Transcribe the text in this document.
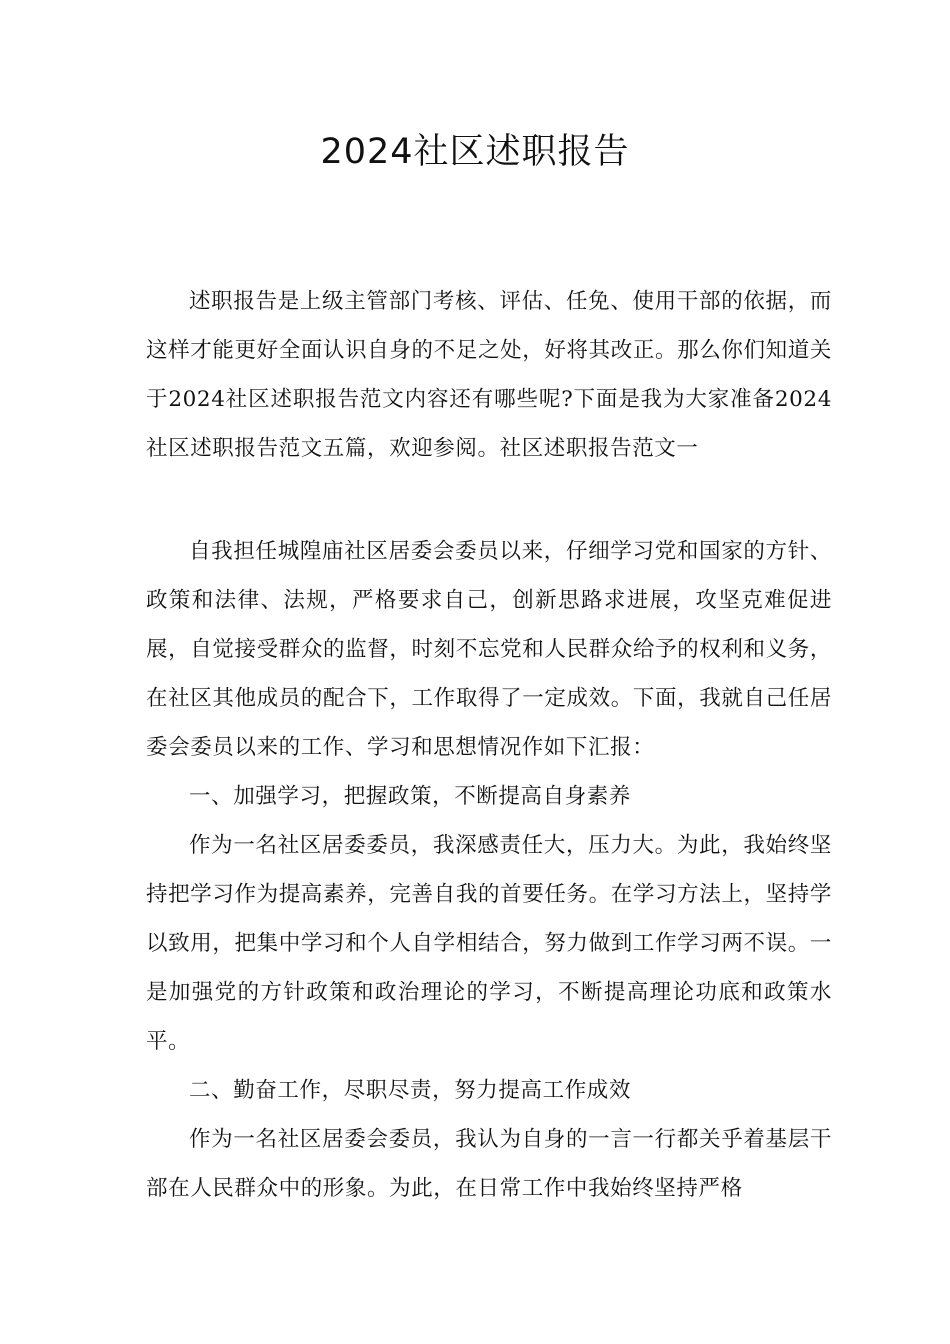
2024社区述职报告

述职报告是上级主管部门考核、评估、任免、使用干部的依据，而这样才能更好全面认识自身的不足之处，好将其改正。那么你们知道关于2024社区述职报告范文内容还有哪些呢?下面是我为大家准备2024社区述职报告范文五篇，欢迎参阅。社区述职报告范文一

自我担任城隍庙社区居委会委员以来，仔细学习党和国家的方针、政策和法律、法规，严格要求自己，创新思路求进展，攻坚克难促进展，自觉接受群众的监督，时刻不忘党和人民群众给予的权利和义务，在社区其他成员的配合下，工作取得了一定成效。下面，我就自己任居委会委员以来的工作、学习和思想情况作如下汇报：

一、加强学习，把握政策，不断提高自身素养

作为一名社区居委委员，我深感责任大，压力大。为此，我始终坚持把学习作为提高素养，完善自我的首要任务。在学习方法上，坚持学以致用，把集中学习和个人自学相结合，努力做到工作学习两不误。一是加强党的方针政策和政治理论的学习，不断提高理论功底和政策水平。

二、勤奋工作，尽职尽责，努力提高工作成效

作为一名社区居委会委员，我认为自身的一言一行都关乎着基层干部在人民群众中的形象。为此，在日常工作中我始终坚持严格
